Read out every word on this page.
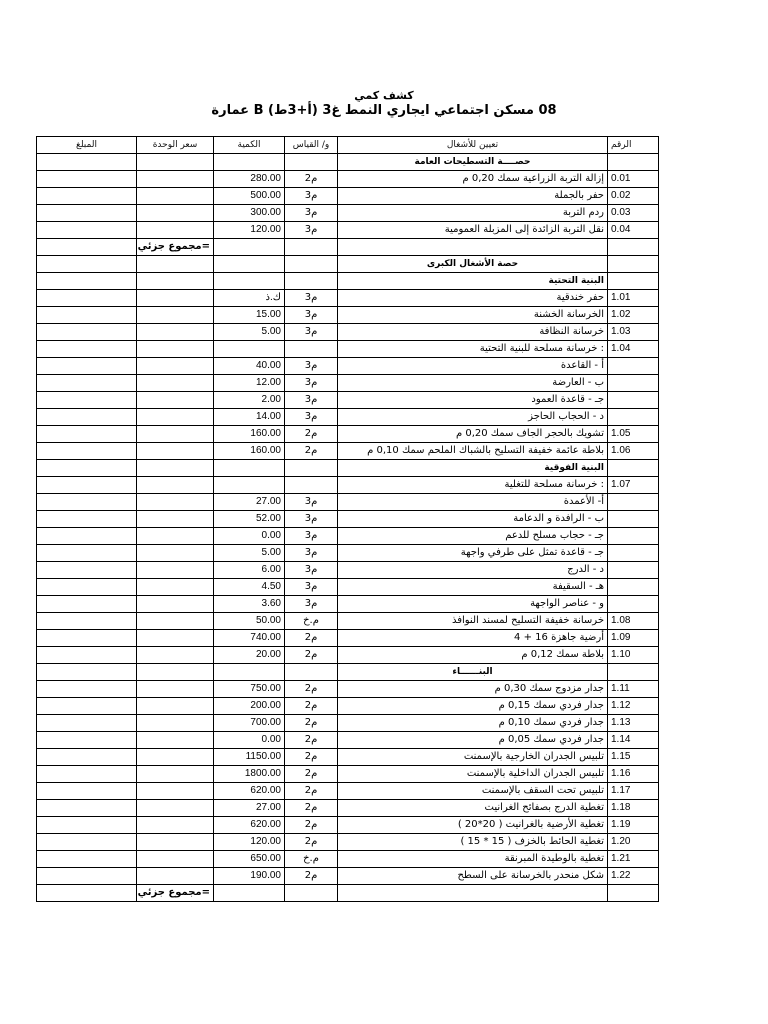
كشف كمي
08 مسكن اجتماعي ايجاري النمط غ3 (أ+3ط) B عمارة
المبلغ	سعر الوحدة	الكمية	و/ القياس	تعيين للأشغال	الرقم
				حصــــة التسطيحات العامة	
		280.00	م2	إزالة التربة الزراعية سمك 0,20 م	0.01
		500.00	م3	حفر بالجملة	0.02
		300.00	م3	ردم التربة	0.03
		120.00	م3	نقل التربة الزائدة إلى المزبلة العمومية	0.04
	=مجموع جزئي				
				حصة الأشغال الكبرى	
				البنية التحتية	
		ك.ذ	م3	حفر خندقية	1.01
		15.00	م3	الخرسانة الخشنة	1.02
		5.00	م3	خرسانة النظافة	1.03
				: خرسانة مسلحة للبنية التحتية	1.04
		40.00	م3	أ - القاعدة	
		12.00	م3	ب - العارضة	
		2.00	م3	جـ - قاعدة العمود	
		14.00	م3	د - الحجاب الحاجز	
		160.00	م2	تشويك بالحجر الجاف سمك 0,20 م	1.05
		160.00	م2	بلاطة عائمة خفيفة التسليح بالشباك الملحم سمك 0,10 م	1.06
				البنية الفوقية	
				: خرسانة مسلحة للتغلية	1.07
		27.00	م3	أ- الأعمدة	
		52.00	م3	ب - الرافدة و الدعامة	
		0.00	م3	جـ - حجاب مسلح للدعم	
		5.00	م3	جـ - قاعدة تمثل على طرفي واجهة	
		6.00	م3	د - الدرج	
		4.50	م3	هـ - السقيفة	
		3.60	م3	و - عناصر الواجهة	
		50.00	م.خ	خرسانة خفيفة التسليح لمسند النوافذ	1.08
		740.00	م2	أرضية جاهزة 16 + 4	1.09
		20.00	م2	بلاطة سمك 0,12 م	1.10
				البنــــــاء	
		750.00	م2	جدار مزدوج سمك 0,30 م	1.11
		200.00	م2	جدار فردي سمك 0,15 م	1.12
		700.00	م2	جدار فردي سمك 0,10 م	1.13
		0.00	م2	جدار فردي سمك 0,05 م	1.14
		1150.00	م2	تلبيس الجدران الخارجية بالإسمنت	1.15
		1800.00	م2	تلبيس الجدران الداخلية بالإسمنت	1.16
		620.00	م2	تلبيس تحت السقف بالإسمنت	1.17
		27.00	م2	تغطية الدرج بصفائح الغرانيت	1.18
		620.00	م2	تغطية الأرضية بالغرانيت ( 20*20 )	1.19
		120.00	م2	تغطية الحائط بالخزف ( 15 * 15 )	1.20
		650.00	م.خ	تغطية بالوطيدة المبرنقة	1.21
		190.00	م2	شكل منحدر بالخرسانة على السطح	1.22
	=مجموع جزئي				
